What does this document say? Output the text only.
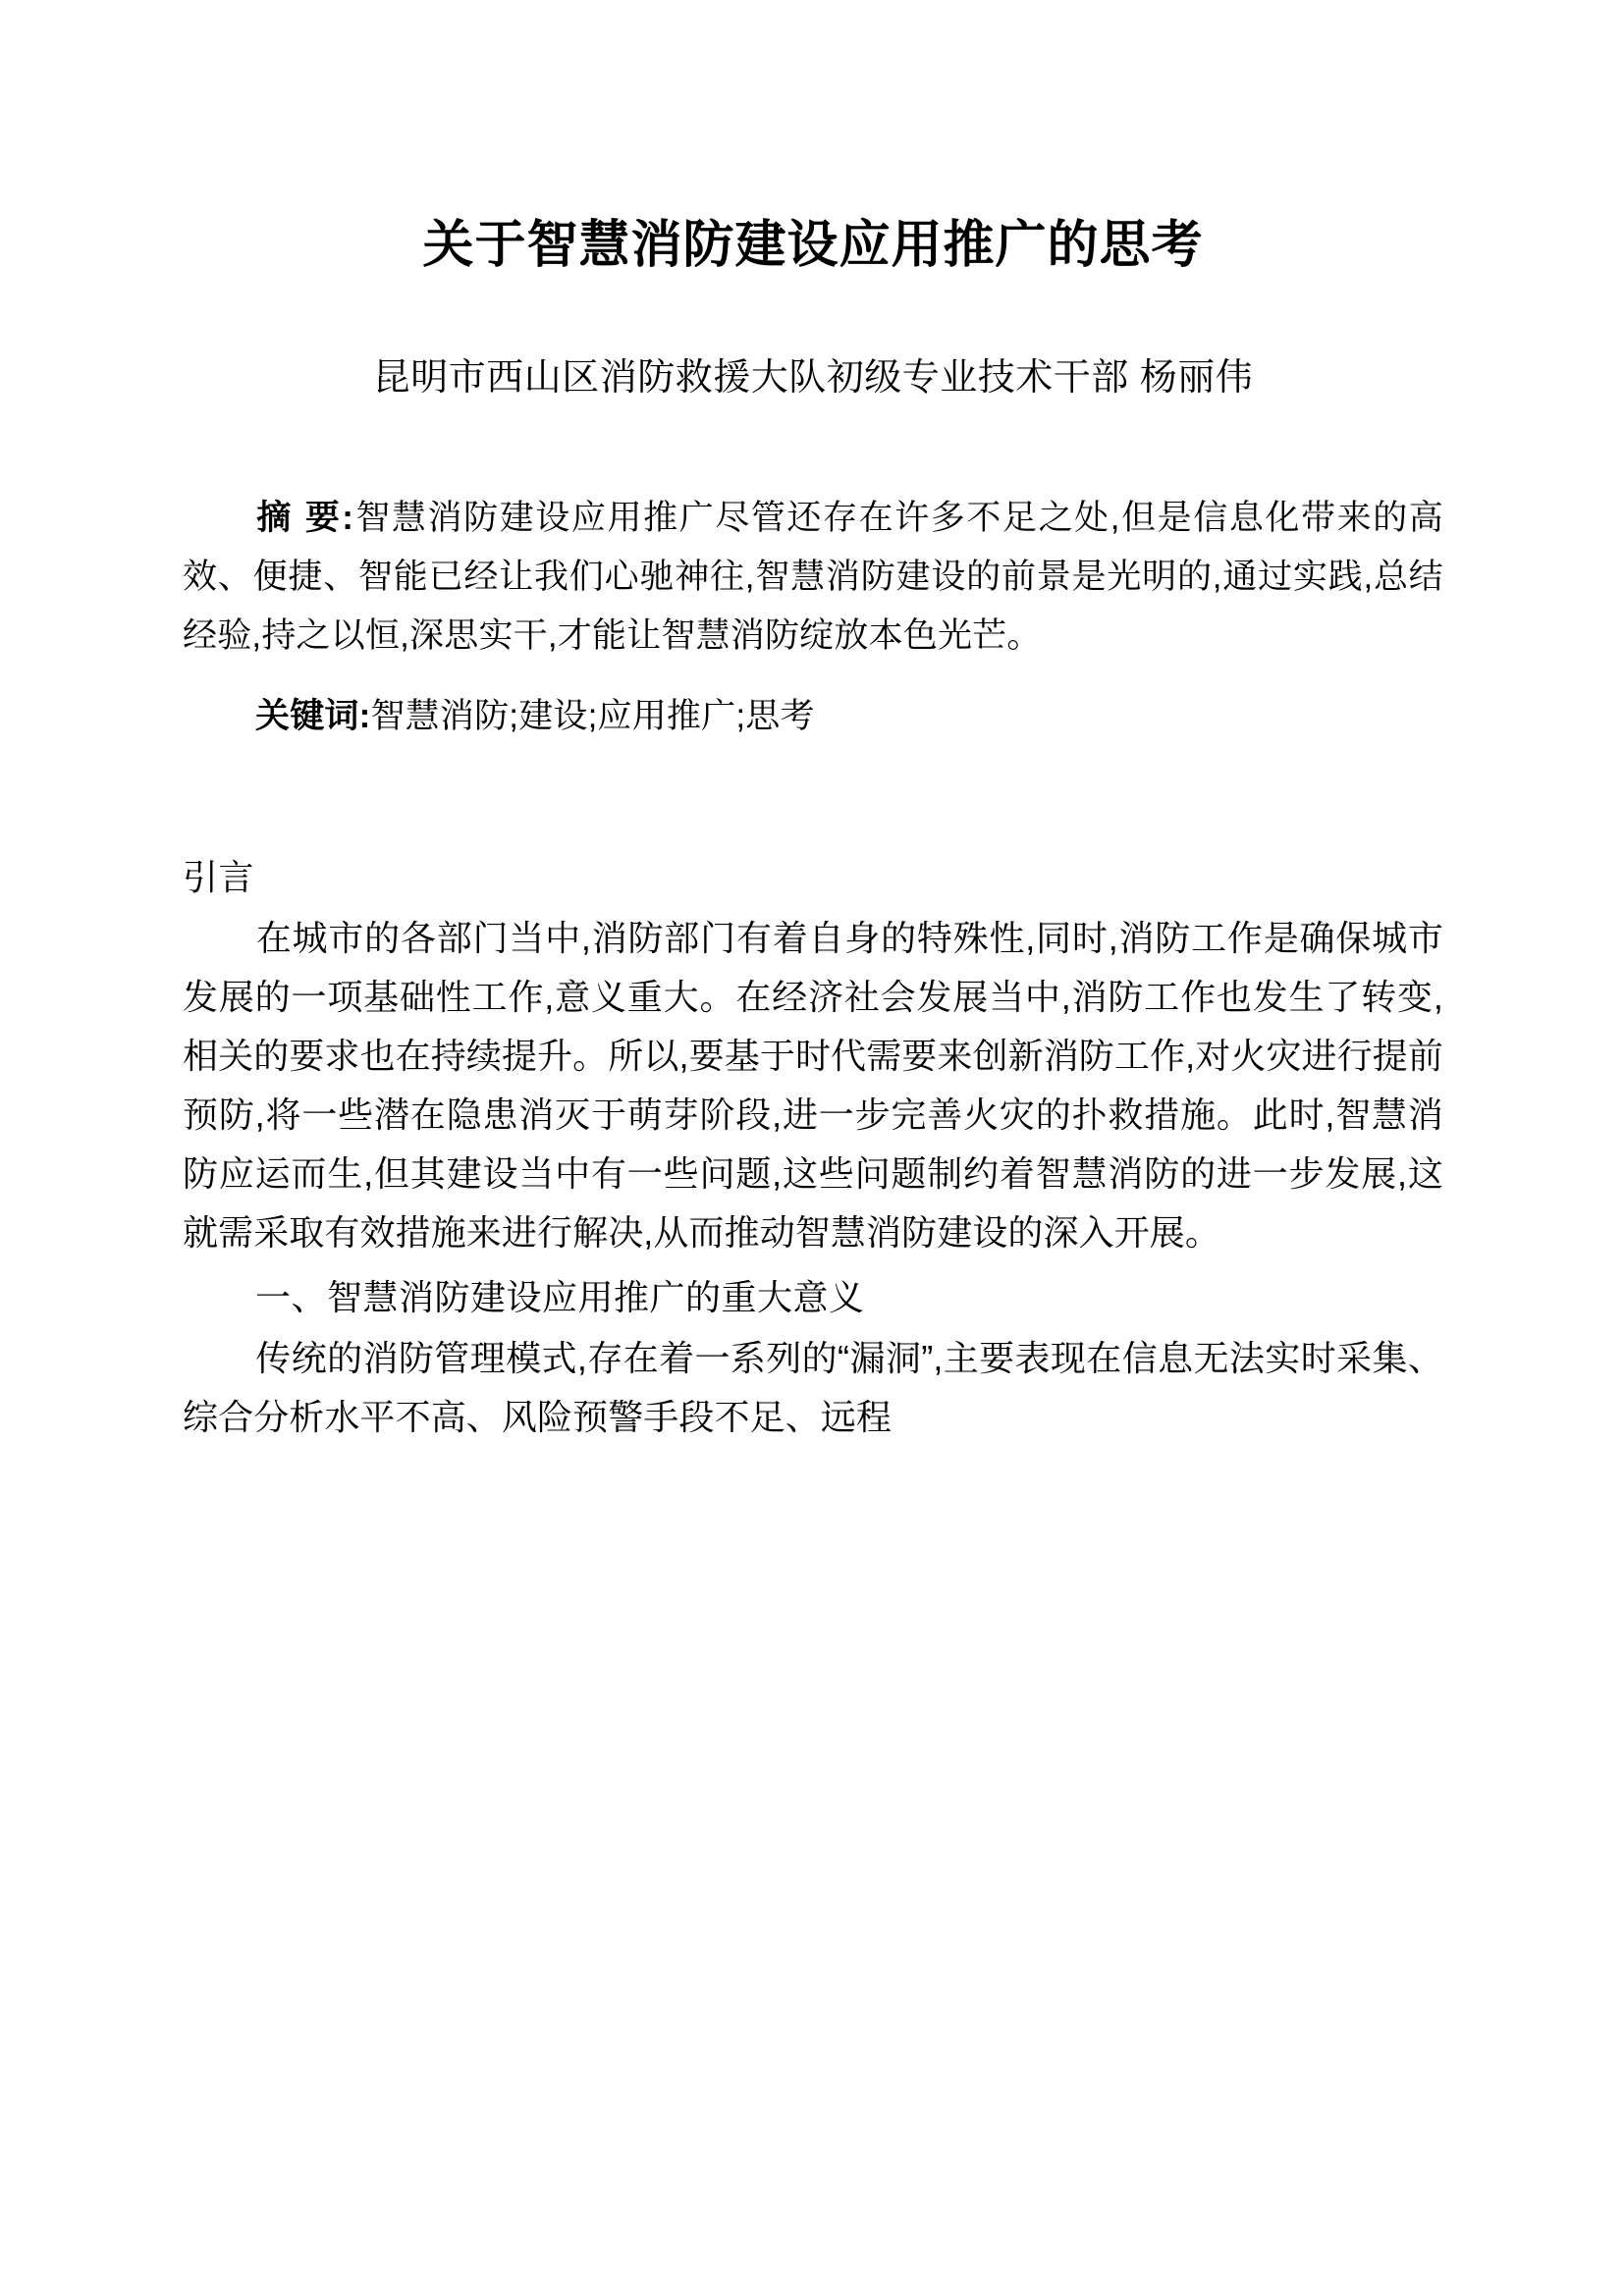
关于智慧消防建设应用推广的思考

昆明市西山区消防救援大队初级专业技术干部 杨丽伟

摘 要:智慧消防建设应用推广尽管还存在许多不足之处,但是信息化带来的高效、便捷、智能已经让我们心驰神往,智慧消防建设的前景是光明的,通过实践,总结经验,持之以恒,深思实干,才能让智慧消防绽放本色光芒。

关键词:智慧消防;建设;应用推广;思考

引言

在城市的各部门当中,消防部门有着自身的特殊性,同时,消防工作是确保城市发展的一项基础性工作,意义重大。在经济社会发展当中,消防工作也发生了转变,相关的要求也在持续提升。所以,要基于时代需要来创新消防工作,对火灾进行提前预防,将一些潜在隐患消灭于萌芽阶段,进一步完善火灾的扑救措施。此时,智慧消防应运而生,但其建设当中有一些问题,这些问题制约着智慧消防的进一步发展,这就需采取有效措施来进行解决,从而推动智慧消防建设的深入开展。

一、智慧消防建设应用推广的重大意义

传统的消防管理模式,存在着一系列的“漏洞”,主要表现在信息无法实时采集、综合分析水平不高、风险预警手段不足、远程
